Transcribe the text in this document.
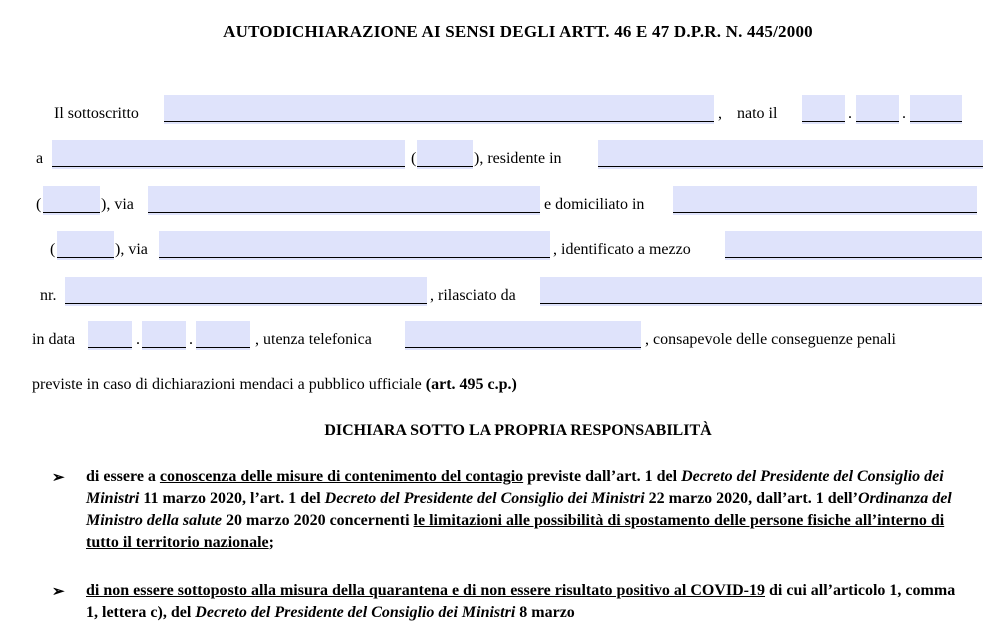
AUTODICHIARAZIONE AI SENSI DEGLI ARTT. 46 E 47 D.P.R. N. 445/2000
Il sottoscritto	, nato il	.	.
a	(	), residente in
(	), via	e domiciliato in
(	), via	, identificato a mezzo
nr.	, rilasciato da
in data	.	.	, utenza telefonica	, consapevole delle conseguenze penali
previste in caso di dichiarazioni mendaci a pubblico ufficiale (art. 495 c.p.)
DICHIARA SOTTO LA PROPRIA RESPONSABILITÀ
➢ di essere a conoscenza delle misure di contenimento del contagio previste dall’art. 1 del Decreto del Presidente del Consiglio dei Ministri 11 marzo 2020, l’art. 1 del Decreto del Presidente del Consiglio dei Ministri 22 marzo 2020, dall’art. 1 dell’Ordinanza del Ministro della salute 20 marzo 2020 concernenti le limitazioni alle possibilità di spostamento delle persone fisiche all’interno di tutto il territorio nazionale;
➢ di non essere sottoposto alla misura della quarantena e di non essere risultato positivo al COVID-19 di cui all’articolo 1, comma 1, lettera c), del Decreto del Presidente del Consiglio dei Ministri 8 marzo
